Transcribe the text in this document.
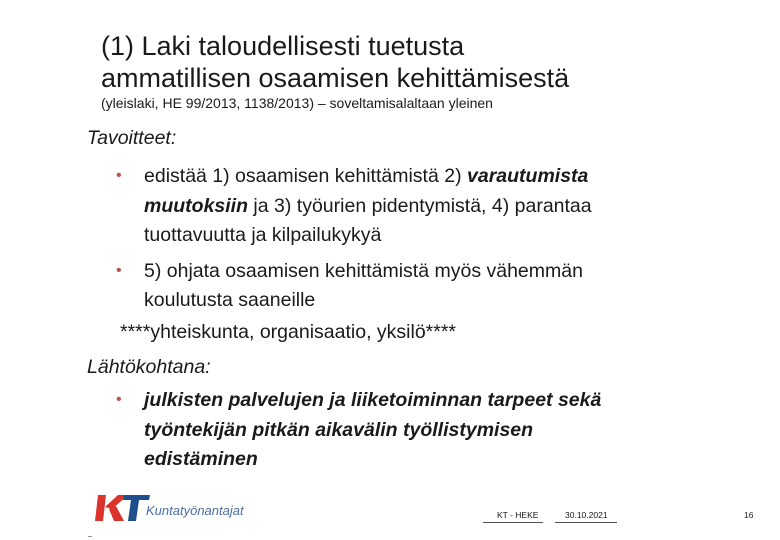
(1) Laki taloudellisesti tuetusta
ammatillisen osaamisen kehittämisestä
(yleislaki, HE 99/2013, 1138/2013) – soveltamisalaltaan yleinen
Tavoitteet:
• edistää 1) osaamisen kehittämistä 2) varautumista
muutoksiin ja 3) työurien pidentymistä, 4) parantaa
tuottavuutta ja kilpailukykyä
• 5) ohjata osaamisen kehittämistä myös vähemmän
koulutusta saaneille
****yhteiskunta, organisaatio, yksilö****
Lähtökohtana:
• julkisten palvelujen ja liiketoiminnan tarpeet sekä
työntekijän pitkän aikavälin työllistymisen
edistäminen
Kuntatyönantajat	KT - HEKE	30.10.2021	16
